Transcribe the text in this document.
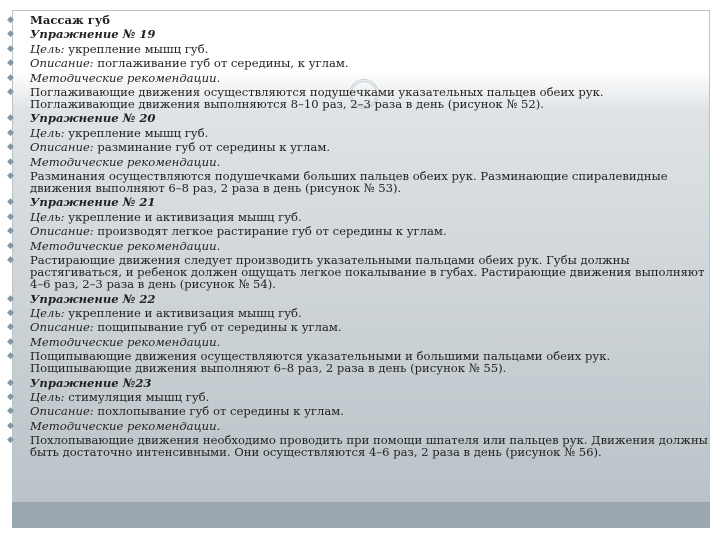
◆ Массаж губ
◆ Упражнение № 19
◆ Цель: укрепление мышц губ.
◆ Описание: поглаживание губ от середины, к углам.
◆ Методические рекомендации.
◆ Поглаживающие движения осуществляются подушечками указательных пальцев обеих рук. Поглаживающие движения выполняются 8–10 раз, 2–3 раза в день (рисунок № 52).
◆ Упражнение № 20
◆ Цель: укрепление мышц губ.
◆ Описание: разминание губ от середины к углам.
◆ Методические рекомендации.
◆ Разминания осуществляются подушечками больших пальцев обеих рук. Разминающие спиралевидные движения выполняют 6–8 раз, 2 раза в день (рисунок № 53).
◆ Упражнение № 21
◆ Цель: укрепление и активизация мышц губ.
◆ Описание: производят легкое растирание губ от середины к углам.
◆ Методические рекомендации.
◆ Растирающие движения следует производить указательными пальцами обеих рук. Губы должны растягиваться, и ребенок должен ощущать легкое покалывание в губах. Растирающие движения выполняют 4–6 раз, 2–3 раза в день (рисунок № 54).
◆ Упражнение № 22
◆ Цель: укрепление и активизация мышц губ.
◆ Описание: пощипывание губ от середины к углам.
◆ Методические рекомендации.
◆ Пощипывающие движения осуществляются указательными и большими пальцами обеих рук. Пощипывающие движения выполняют 6–8 раз, 2 раза в день (рисунок № 55).
◆ Упражнение №23
◆ Цель: стимуляция мышц губ.
◆ Описание: похлопывание губ от середины к углам.
◆ Методические рекомендации.
◆ Похлопывающие движения необходимо проводить при помощи шпателя или пальцев рук. Движения должны быть достаточно интенсивными. Они осуществляются 4–6 раз, 2 раза в день (рисунок № 56).
